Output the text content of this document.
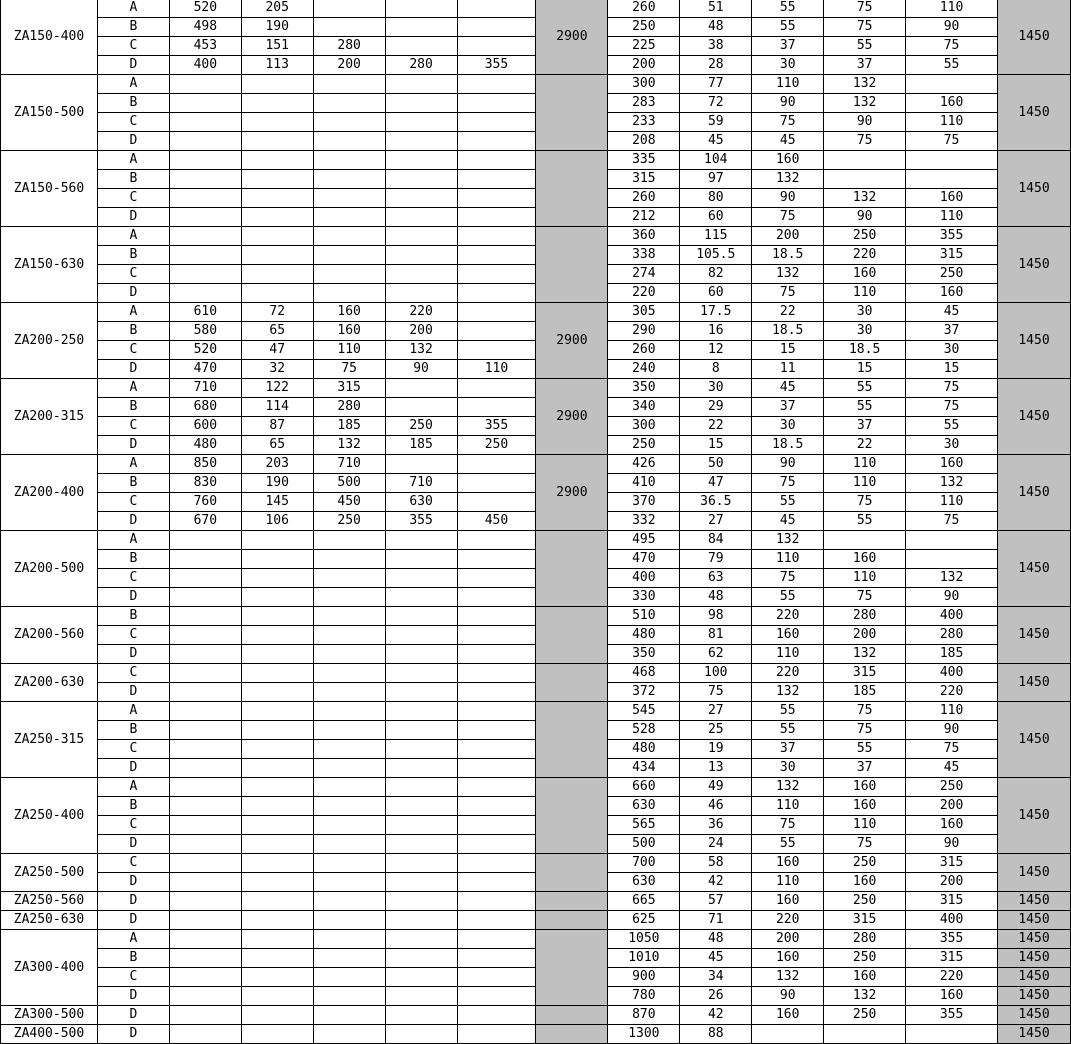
ZA150-400	A	520	205				2900	260	51	55	75	110	1450
	B	498	190					250	48	55	75	90	
	C	453	151	280				225	38	37	55	75	
	D	400	113	200	280	355		200	28	30	37	55	
ZA150-500	A							300	77	110	132		1450
	B							283	72	90	132	160	
	C							233	59	75	90	110	
	D							208	45	45	75	75	
ZA150-560	A							335	104	160			1450
	B							315	97	132			
	C							260	80	90	132	160	
	D							212	60	75	90	110	
ZA150-630	A							360	115	200	250	355	1450
	B							338	105.5	18.5	220	315	
	C							274	82	132	160	250	
	D							220	60	75	110	160	
ZA200-250	A	610	72	160	220		2900	305	17.5	22	30	45	1450
	B	580	65	160	200			290	16	18.5	30	37	
	C	520	47	110	132			260	12	15	18.5	30	
	D	470	32	75	90	110		240	8	11	15	15	
ZA200-315	A	710	122	315			2900	350	30	45	55	75	1450
	B	680	114	280				340	29	37	55	75	
	C	600	87	185	250	355		300	22	30	37	55	
	D	480	65	132	185	250		250	15	18.5	22	30	
ZA200-400	A	850	203	710			2900	426	50	90	110	160	1450
	B	830	190	500	710			410	47	75	110	132	
	C	760	145	450	630			370	36.5	55	75	110	
	D	670	106	250	355	450		332	27	45	55	75	
ZA200-500	A							495	84	132			1450
	B							470	79	110	160		
	C							400	63	75	110	132	
	D							330	48	55	75	90	
ZA200-560	B							510	98	220	280	400	1450
	C							480	81	160	200	280	
	D							350	62	110	132	185	
ZA200-630	C							468	100	220	315	400	1450
	D							372	75	132	185	220	
ZA250-315	A							545	27	55	75	110	1450
	B							528	25	55	75	90	
	C							480	19	37	55	75	
	D							434	13	30	37	45	
ZA250-400	A							660	49	132	160	250	1450
	B							630	46	110	160	200	
	C							565	36	75	110	160	
	D							500	24	55	75	90	
ZA250-500	C							700	58	160	250	315	1450
	D							630	42	110	160	200	
ZA250-560	D							665	57	160	250	315	1450
ZA250-630	D							625	71	220	315	400	1450
ZA300-400	A							1050	48	200	280	355	1450
	B							1010	45	160	250	315	1450
	C							900	34	132	160	220	1450
	D							780	26	90	132	160	1450
ZA300-500	D							870	42	160	250	355	1450
ZA400-500	D							1300	88				1450
